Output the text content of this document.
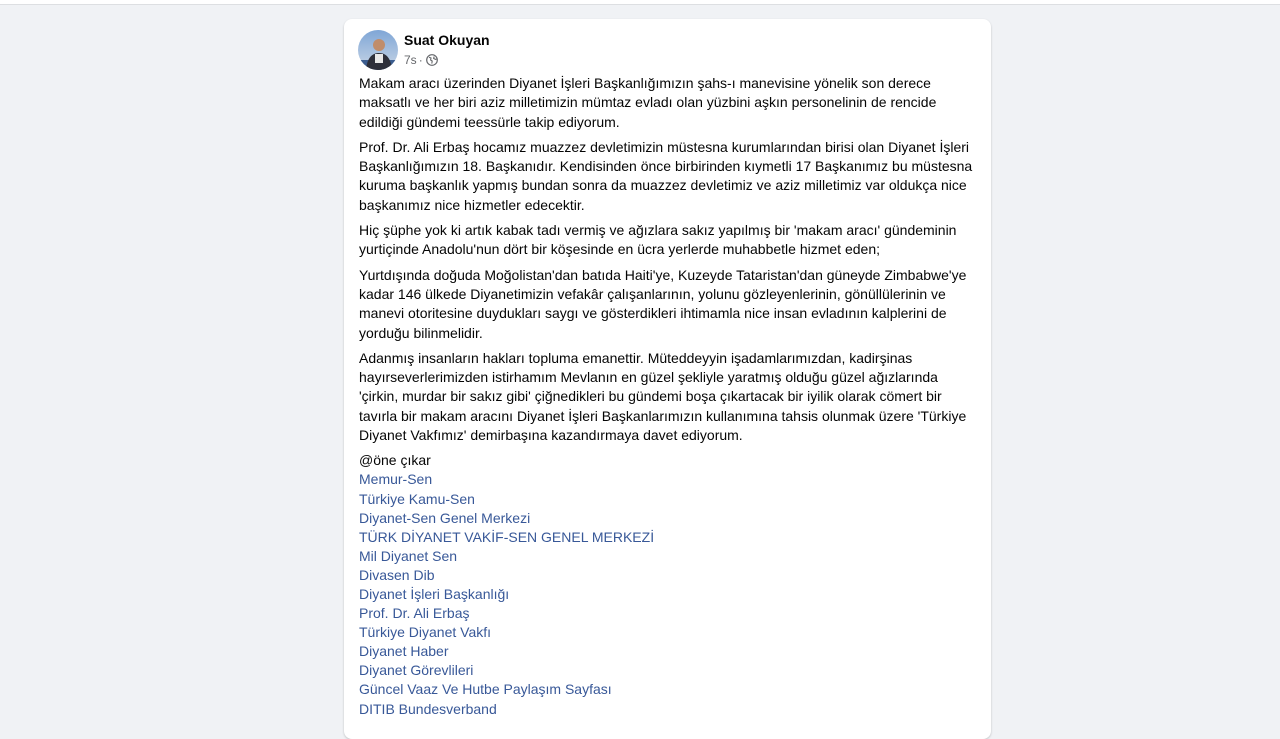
Suat Okuyan
7s ·

Makam aracı üzerinden Diyanet İşleri Başkanlığımızın şahs-ı manevisine yönelik son derece maksatlı ve her biri aziz milletimizin mümtaz evladı olan yüzbini aşkın personelinin de rencide edildiği gündemi teessürle takip ediyorum.

Prof. Dr. Ali Erbaş hocamız muazzez devletimizin müstesna kurumlarından birisi olan Diyanet İşleri Başkanlığımızın 18. Başkanıdır. Kendisinden önce birbirinden kıymetli 17 Başkanımız bu müstesna kuruma başkanlık yapmış bundan sonra da muazzez devletimiz ve aziz milletimiz var oldukça nice başkanımız nice hizmetler edecektir.

Hiç şüphe yok ki artık kabak tadı vermiş ve ağızlara sakız yapılmış bir 'makam aracı' gündeminin yurtiçinde Anadolu'nun dört bir köşesinde en ücra yerlerde muhabbetle hizmet eden;

Yurtdışında doğuda Moğolistan'dan batıda Haiti'ye, Kuzeyde Tataristan'dan güneyde Zimbabwe'ye kadar 146 ülkede Diyanetimizin vefakâr çalışanlarının, yolunu gözleyenlerinin, gönüllülerinin ve manevi otoritesine duydukları saygı ve gösterdikleri ihtimamla nice insan evladının kalplerini de yorduğu bilinmelidir.

Adanmış insanların hakları topluma emanettir. Müteddeyyin işadamlarımızdan, kadirşinas hayırseverlerimizden istirhamım Mevlanın en güzel şekliyle yaratmış olduğu güzel ağızlarında 'çirkin, murdar bir sakız gibi' çiğnedikleri bu gündemi boşa çıkartacak bir iyilik olarak cömert bir tavırla bir makam aracını Diyanet İşleri Başkanlarımızın kullanımına tahsis olunmak üzere 'Türkiye Diyanet Vakfımız' demirbaşına kazandırmaya davet ediyorum.

@öne çıkar
Memur-Sen
Türkiye Kamu-Sen
Diyanet-Sen Genel Merkezi
TÜRK DİYANET VAKİF-SEN GENEL MERKEZİ
Mil Diyanet Sen
Divasen Dib
Diyanet İşleri Başkanlığı
Prof. Dr. Ali Erbaş
Türkiye Diyanet Vakfı
Diyanet Haber
Diyanet Görevlileri
Güncel Vaaz Ve Hutbe Paylaşım Sayfası
DITIB Bundesverband
